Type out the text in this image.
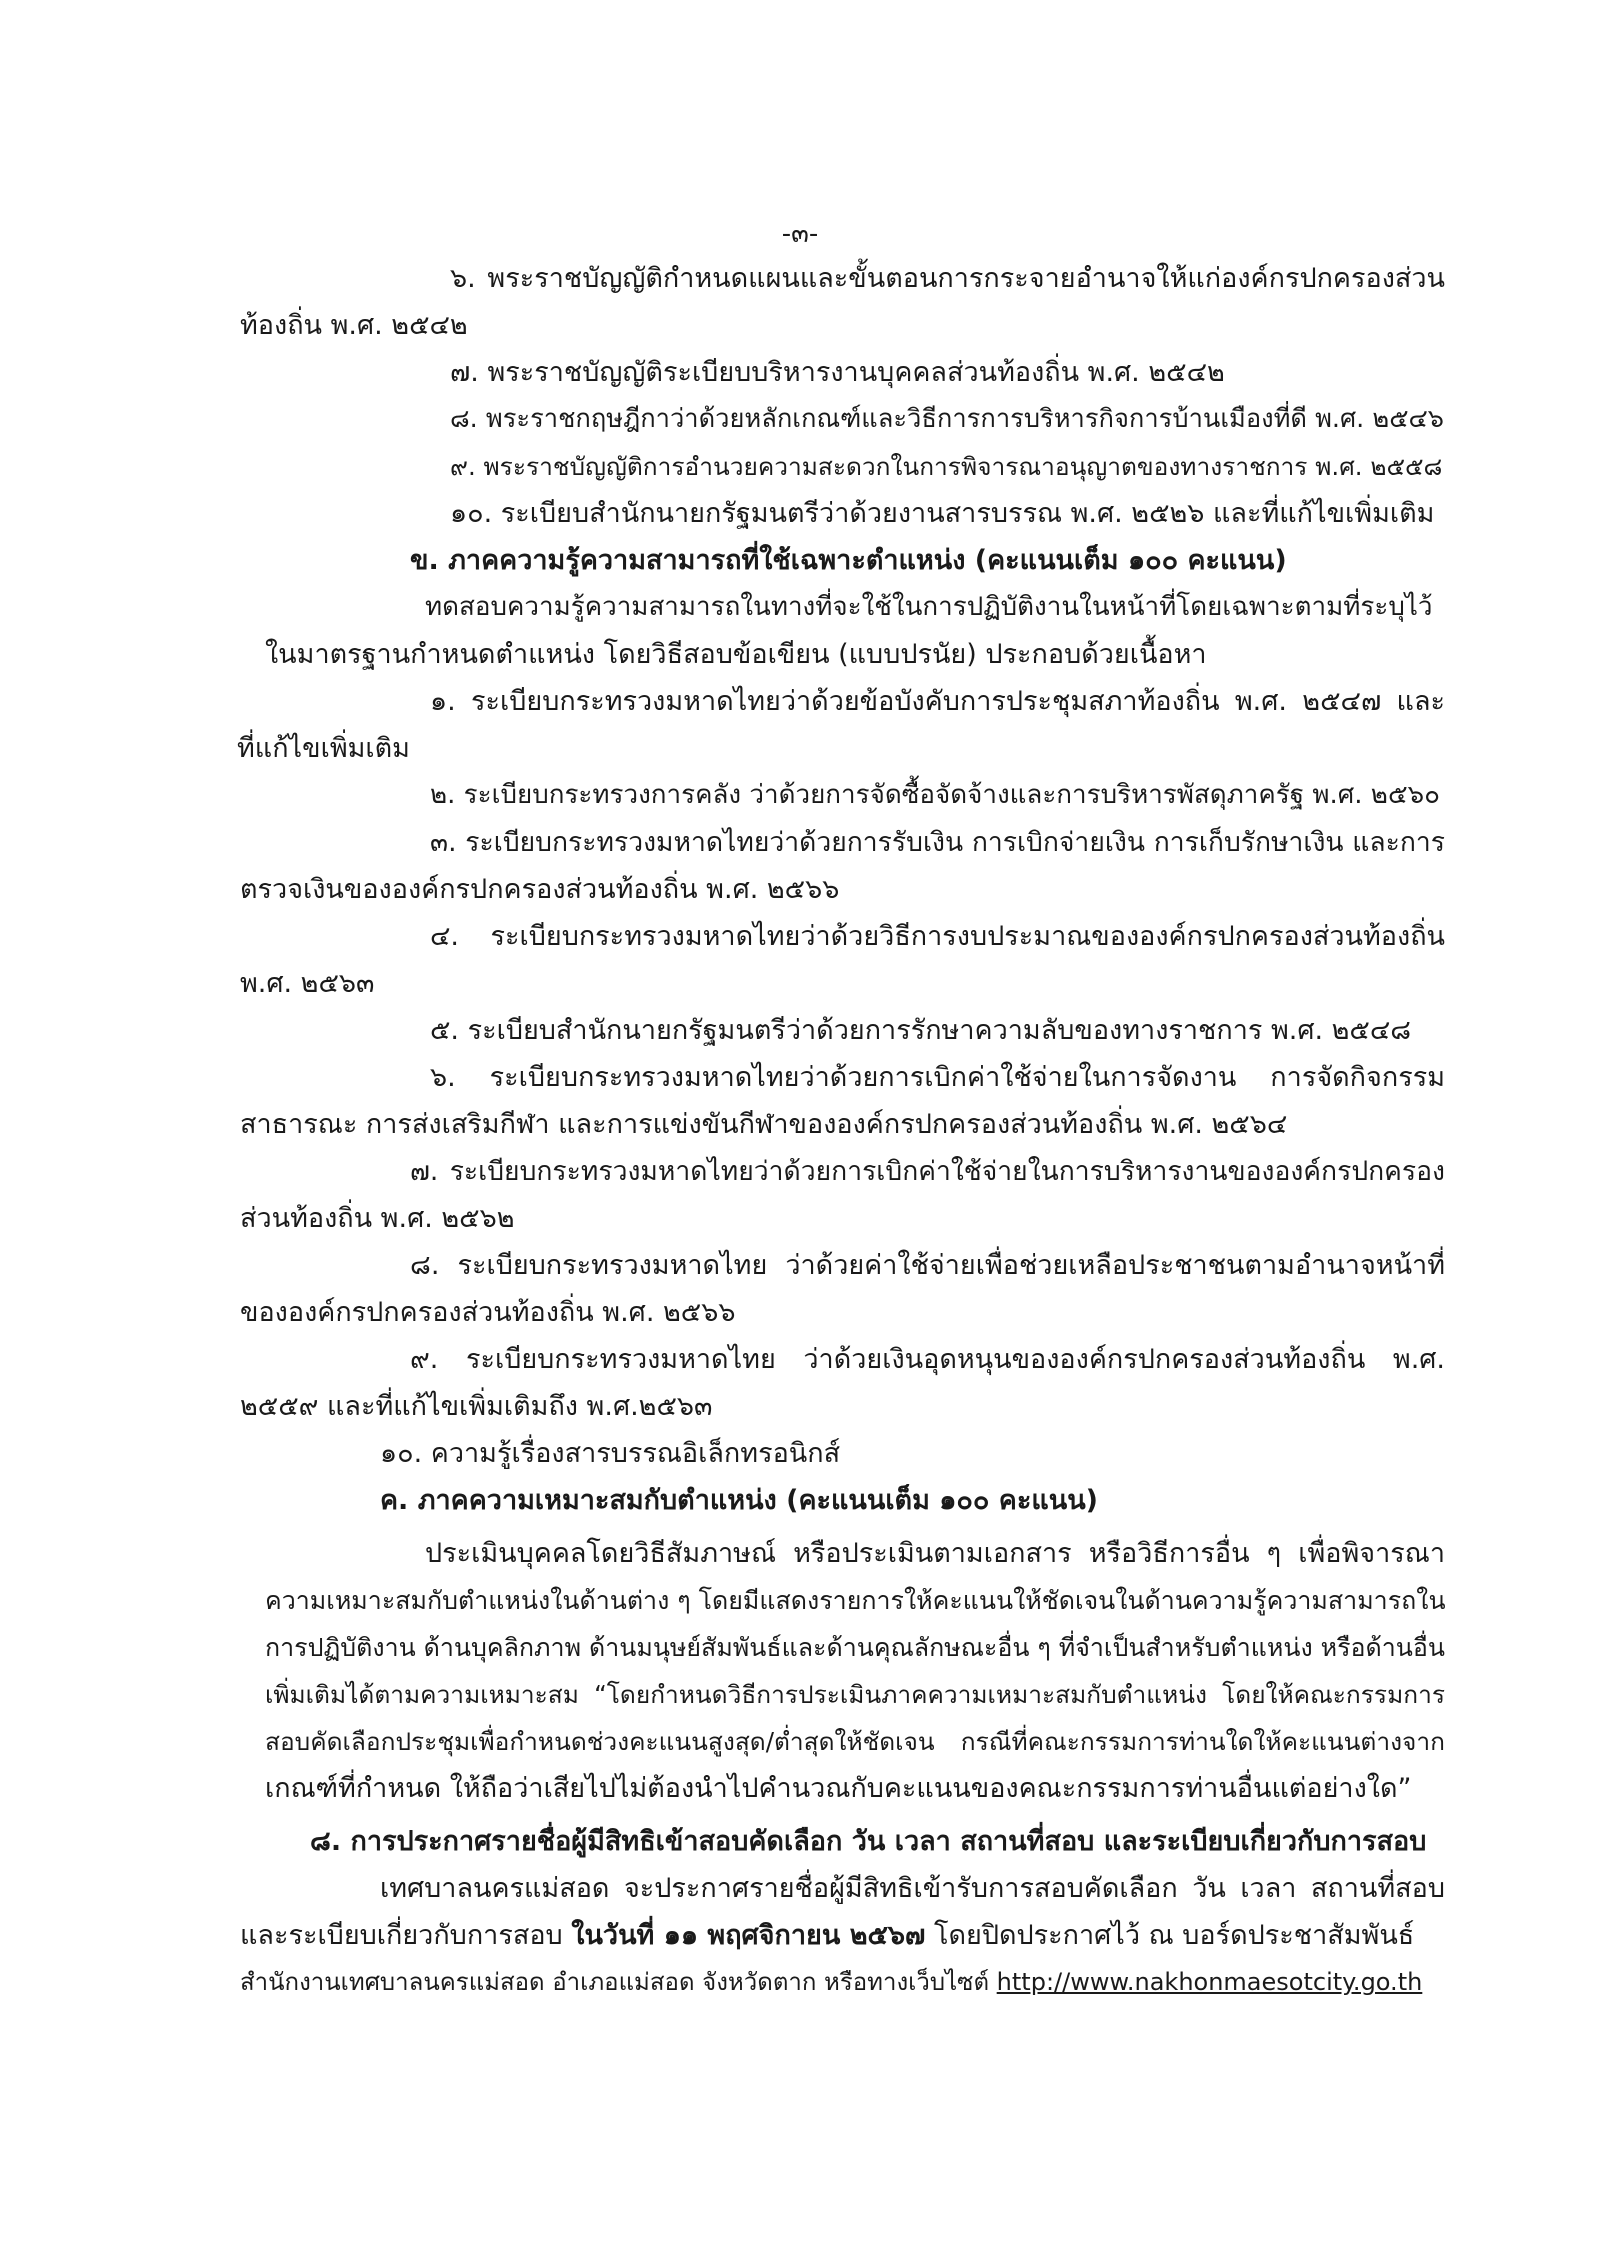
-๓-

๖. พระราชบัญญัติกำหนดแผนและขั้นตอนการกระจายอำนาจให้แก่องค์กรปกครองส่วน

ท้องถิ่น พ.ศ. ๒๕๔๒

๗. พระราชบัญญัติระเบียบบริหารงานบุคคลส่วนท้องถิ่น พ.ศ. ๒๕๔๒

๘. พระราชกฤษฎีกาว่าด้วยหลักเกณฑ์และวิธีการการบริหารกิจการบ้านเมืองที่ดี พ.ศ. ๒๕๔๖

๙. พระราชบัญญัติการอำนวยความสะดวกในการพิจารณาอนุญาตของทางราชการ พ.ศ. ๒๕๕๘

๑๐. ระเบียบสำนักนายกรัฐมนตรีว่าด้วยงานสารบรรณ พ.ศ. ๒๕๒๖ และที่แก้ไขเพิ่มเติม

ข. ภาคความรู้ความสามารถที่ใช้เฉพาะตำแหน่ง (คะแนนเต็ม ๑๐๐ คะแนน)

ทดสอบความรู้ความสามารถในทางที่จะใช้ในการปฏิบัติงานในหน้าที่โดยเฉพาะตามที่ระบุไว้

ในมาตรฐานกำหนดตำแหน่ง โดยวิธีสอบข้อเขียน (แบบปรนัย) ประกอบด้วยเนื้อหา

๑. ระเบียบกระทรวงมหาดไทยว่าด้วยข้อบังคับการประชุมสภาท้องถิ่น พ.ศ. ๒๕๔๗ และ

ที่แก้ไขเพิ่มเติม

๒. ระเบียบกระทรวงการคลัง ว่าด้วยการจัดซื้อจัดจ้างและการบริหารพัสดุภาครัฐ พ.ศ. ๒๕๖๐

๓. ระเบียบกระทรวงมหาดไทยว่าด้วยการรับเงิน การเบิกจ่ายเงิน การเก็บรักษาเงิน และการ

ตรวจเงินขององค์กรปกครองส่วนท้องถิ่น พ.ศ. ๒๕๖๖

๔. ระเบียบกระทรวงมหาดไทยว่าด้วยวิธีการงบประมาณขององค์กรปกครองส่วนท้องถิ่น

พ.ศ. ๒๕๖๓

๕. ระเบียบสำนักนายกรัฐมนตรีว่าด้วยการรักษาความลับของทางราชการ พ.ศ. ๒๕๔๘

๖. ระเบียบกระทรวงมหาดไทยว่าด้วยการเบิกค่าใช้จ่ายในการจัดงาน การจัดกิจกรรม

สาธารณะ การส่งเสริมกีฬา และการแข่งขันกีฬาขององค์กรปกครองส่วนท้องถิ่น พ.ศ. ๒๕๖๔

๗. ระเบียบกระทรวงมหาดไทยว่าด้วยการเบิกค่าใช้จ่ายในการบริหารงานขององค์กรปกครอง

ส่วนท้องถิ่น พ.ศ. ๒๕๖๒

๘. ระเบียบกระทรวงมหาดไทย ว่าด้วยค่าใช้จ่ายเพื่อช่วยเหลือประชาชนตามอำนาจหน้าที่

ขององค์กรปกครองส่วนท้องถิ่น พ.ศ. ๒๕๖๖

๙. ระเบียบกระทรวงมหาดไทย ว่าด้วยเงินอุดหนุนขององค์กรปกครองส่วนท้องถิ่น พ.ศ.

๒๕๕๙ และที่แก้ไขเพิ่มเติมถึง พ.ศ.๒๕๖๓

๑๐. ความรู้เรื่องสารบรรณอิเล็กทรอนิกส์

ค. ภาคความเหมาะสมกับตำแหน่ง (คะแนนเต็ม ๑๐๐ คะแนน)

ประเมินบุคคลโดยวิธีสัมภาษณ์ หรือประเมินตามเอกสาร หรือวิธีการอื่น ๆ เพื่อพิจารณา

ความเหมาะสมกับตำแหน่งในด้านต่าง ๆ โดยมีแสดงรายการให้คะแนนให้ชัดเจนในด้านความรู้ความสามารถใน

การปฏิบัติงาน ด้านบุคลิกภาพ ด้านมนุษย์สัมพันธ์และด้านคุณลักษณะอื่น ๆ ที่จำเป็นสำหรับตำแหน่ง หรือด้านอื่น

เพิ่มเติมได้ตามความเหมาะสม “โดยกำหนดวิธีการประเมินภาคความเหมาะสมกับตำแหน่ง โดยให้คณะกรรมการ

สอบคัดเลือกประชุมเพื่อกำหนดช่วงคะแนนสูงสุด/ต่ำสุดให้ชัดเจน กรณีที่คณะกรรมการท่านใดให้คะแนนต่างจาก

เกณฑ์ที่กำหนด ให้ถือว่าเสียไปไม่ต้องนำไปคำนวณกับคะแนนของคณะกรรมการท่านอื่นแต่อย่างใด”

๘. การประกาศรายชื่อผู้มีสิทธิเข้าสอบคัดเลือก วัน เวลา สถานที่สอบ และระเบียบเกี่ยวกับการสอบ

เทศบาลนครแม่สอด จะประกาศรายชื่อผู้มีสิทธิเข้ารับการสอบคัดเลือก วัน เวลา สถานที่สอบ

และระเบียบเกี่ยวกับการสอบ ในวันที่ ๑๑ พฤศจิกายน ๒๕๖๗ โดยปิดประกาศไว้ ณ บอร์ดประชาสัมพันธ์

สำนักงานเทศบาลนครแม่สอด อำเภอแม่สอด จังหวัดตาก หรือทางเว็บไซต์ http://www.nakhonmaesotcity.go.th
